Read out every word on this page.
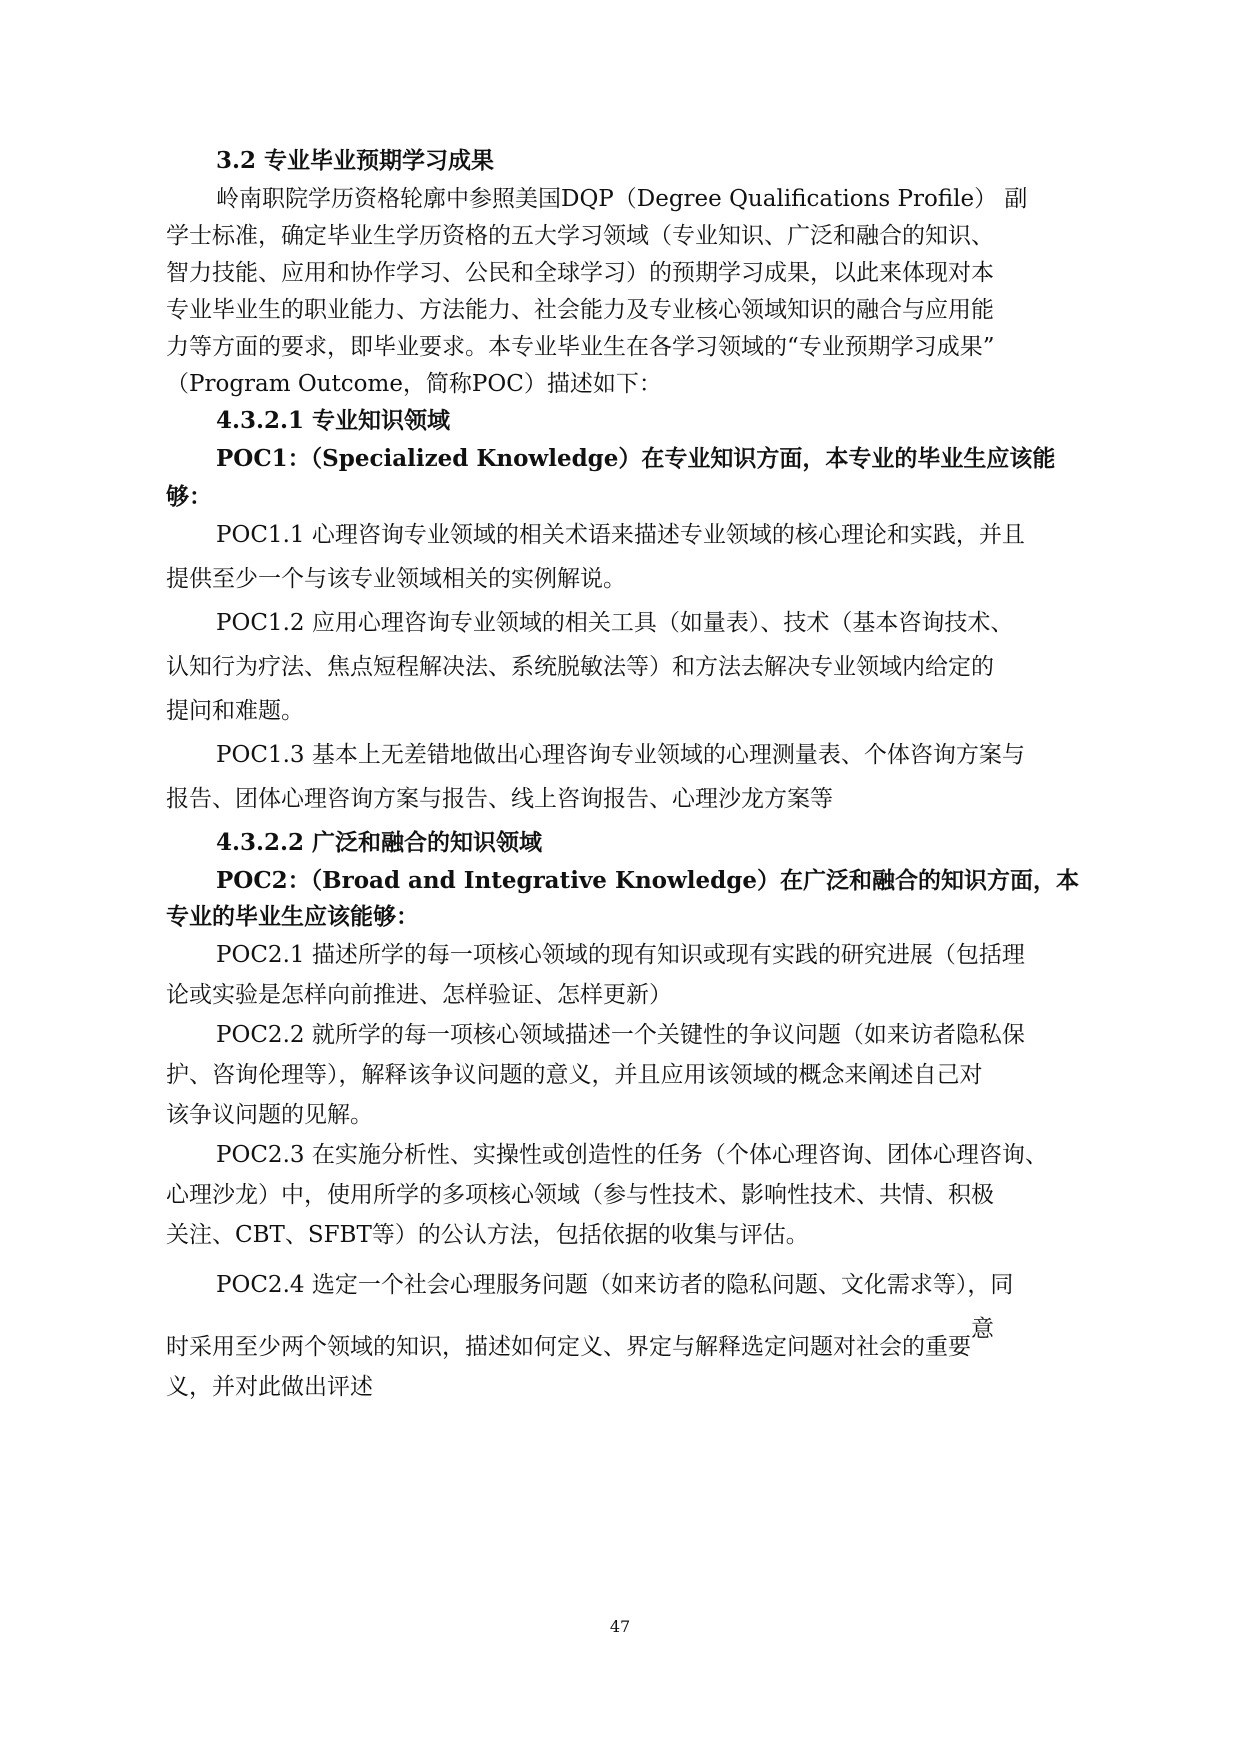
3.2 专业毕业预期学习成果
岭南职院学历资格轮廓中参照美国DQP（Degree Qualifications Profile） 副
学士标准，确定毕业生学历资格的五大学习领域（专业知识、广泛和融合的知识、
智力技能、应用和协作学习、公民和全球学习）的预期学习成果，以此来体现对本
专业毕业生的职业能力、方法能力、社会能力及专业核心领域知识的融合与应用能
力等方面的要求，即毕业要求。本专业毕业生在各学习领域的“专业预期学习成果”
（Program Outcome，简称POC）描述如下：
4.3.2.1 专业知识领域
POC1：（Specialized Knowledge）在专业知识方面，本专业的毕业生应该能
够：
POC1.1 心理咨询专业领域的相关术语来描述专业领域的核心理论和实践，并且
提供至少一个与该专业领域相关的实例解说。
POC1.2 应用心理咨询专业领域的相关工具（如量表）、技术（基本咨询技术、
认知行为疗法、焦点短程解决法、系统脱敏法等）和方法去解决专业领域内给定的
提问和难题。
POC1.3 基本上无差错地做出心理咨询专业领域的心理测量表、个体咨询方案与
报告、团体心理咨询方案与报告、线上咨询报告、心理沙龙方案等
4.3.2.2 广泛和融合的知识领域
POC2：（Broad and Integrative Knowledge）在广泛和融合的知识方面，本
专业的毕业生应该能够：
POC2.1 描述所学的每一项核心领域的现有知识或现有实践的研究进展（包括理
论或实验是怎样向前推进、怎样验证、怎样更新）
POC2.2 就所学的每一项核心领域描述一个关键性的争议问题（如来访者隐私保
护、咨询伦理等），解释该争议问题的意义，并且应用该领域的概念来阐述自己对
该争议问题的见解。
POC2.3 在实施分析性、实操性或创造性的任务（个体心理咨询、团体心理咨询、
心理沙龙）中，使用所学的多项核心领域（参与性技术、影响性技术、共情、积极
关注、CBT、SFBT等）的公认方法，包括依据的收集与评估。
POC2.4 选定一个社会心理服务问题（如来访者的隐私问题、文化需求等），同
时采用至少两个领域的知识，描述如何定义、界定与解释选定问题对社会的重要意
义，并对此做出评述
47
